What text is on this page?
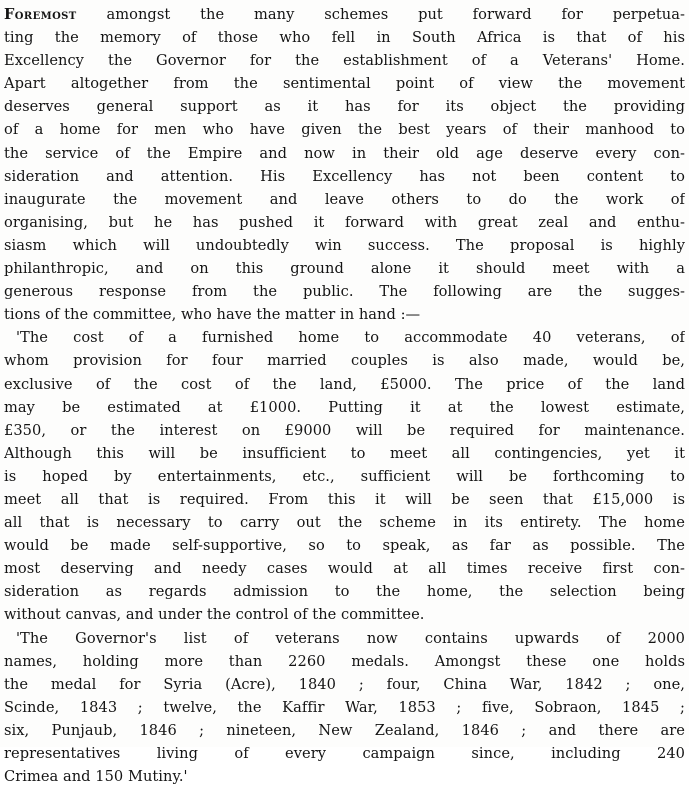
Foremost amongst the many schemes put forward for perpetua-
ting the memory of those who fell in South Africa is that of his
Excellency the Governor for the establishment of a Veterans' Home.
Apart altogether from the sentimental point of view the movement
deserves general support as it has for its object the providing
of a home for men who have given the best years of their manhood to
the service of the Empire and now in their old age deserve every con-
sideration and attention. His Excellency has not been content to
inaugurate the movement and leave others to do the work of
organising, but he has pushed it forward with great zeal and enthu-
siasm which will undoubtedly win success. The proposal is highly
philanthropic, and on this ground alone it should meet with a
generous response from the public. The following are the sugges-
tions of the committee, who have the matter in hand :—

'The cost of a furnished home to accommodate 40 veterans, of
whom provision for four married couples is also made, would be,
exclusive of the cost of the land, £5000. The price of the land
may be estimated at £1000. Putting it at the lowest estimate,
£350, or the interest on £9000 will be required for maintenance.
Although this will be insufficient to meet all contingencies, yet it
is hoped by entertainments, etc., sufficient will be forthcoming to
meet all that is required. From this it will be seen that £15,000 is
all that is necessary to carry out the scheme in its entirety. The home
would be made self-supportive, so to speak, as far as possible. The
most deserving and needy cases would at all times receive first con-
sideration as regards admission to the home, the selection being
without canvas, and under the control of the committee.

'The Governor's list of veterans now contains upwards of 2000
names, holding more than 2260 medals. Amongst these one holds
the medal for Syria (Acre), 1840 ; four, China War, 1842 ; one,
Scinde, 1843 ; twelve, the Kaffir War, 1853 ; five, Sobraon, 1845 ;
six, Punjaub, 1846 ; nineteen, New Zealand, 1846 ; and there are
representatives living of every campaign since, including 240
Crimea and 150 Mutiny.'
